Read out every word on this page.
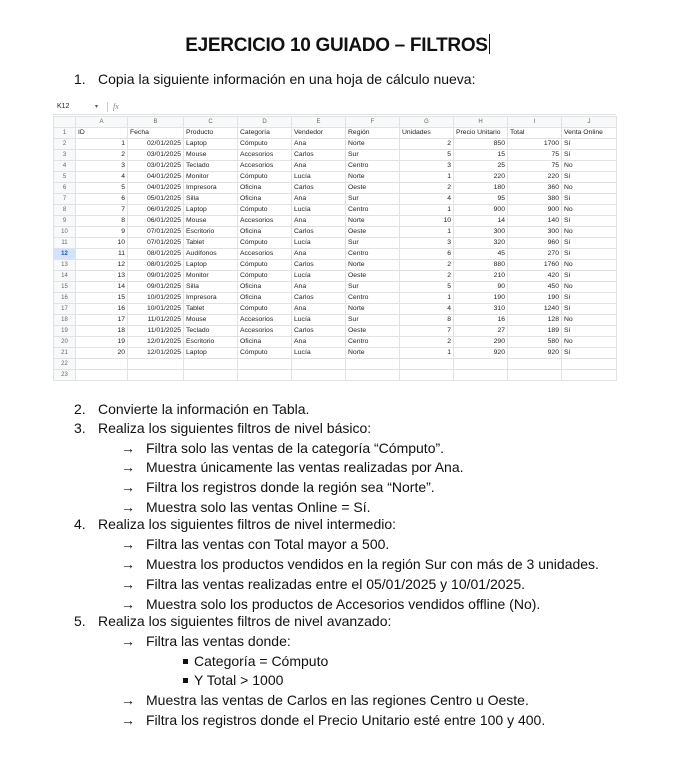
EJERCICIO 10 GUIADO – FILTROS
1. Copia la siguiente información en una hoja de cálculo nueva:
K12	▾ fx
	A	B	C	D	E	F	G	H	I	J
1	ID	Fecha	Producto	Categoría	Vendedor	Región	Unidades	Precio Unitario	Total	Venta Online
2	1	02/01/2025	Laptop	Cómputo	Ana	Norte	2	850	1700	Sí
3	2	03/01/2025	Mouse	Accesorios	Carlos	Sur	5	15	75	Sí
4	3	03/01/2025	Teclado	Accesorios	Ana	Centro	3	25	75	No
5	4	04/01/2025	Monitor	Cómputo	Lucía	Norte	1	220	220	Sí
6	5	04/01/2025	Impresora	Oficina	Carlos	Oeste	2	180	360	No
7	6	05/01/2025	Silla	Oficina	Ana	Sur	4	95	380	Sí
8	7	06/01/2025	Laptop	Cómputo	Lucía	Centro	1	900	900	No
9	8	06/01/2025	Mouse	Accesorios	Ana	Norte	10	14	140	Sí
10	9	07/01/2025	Escritorio	Oficina	Carlos	Oeste	1	300	300	No
11	10	07/01/2025	Tablet	Cómputo	Lucía	Sur	3	320	960	Sí
12	11	08/01/2025	Audífonos	Accesorios	Ana	Centro	6	45	270	Sí
13	12	08/01/2025	Laptop	Cómputo	Carlos	Norte	2	880	1760	No
14	13	09/01/2025	Monitor	Cómputo	Lucía	Oeste	2	210	420	Sí
15	14	09/01/2025	Silla	Oficina	Ana	Sur	5	90	450	No
16	15	10/01/2025	Impresora	Oficina	Carlos	Centro	1	190	190	Sí
17	16	10/01/2025	Tablet	Cómputo	Ana	Norte	4	310	1240	Sí
18	17	11/01/2025	Mouse	Accesorios	Lucía	Sur	8	16	128	No
19	18	11/01/2025	Teclado	Accesorios	Carlos	Oeste	7	27	189	Sí
20	19	12/01/2025	Escritorio	Oficina	Ana	Centro	2	290	580	No
21	20	12/01/2025	Laptop	Cómputo	Lucía	Norte	1	920	920	Sí
22										
23										
2. Convierte la información en Tabla.
3. Realiza los siguientes filtros de nivel básico:
→ Filtra solo las ventas de la categoría “Cómputo”.
→ Muestra únicamente las ventas realizadas por Ana.
→ Filtra los registros donde la región sea “Norte”.
→ Muestra solo las ventas Online = Sí.
4. Realiza los siguientes filtros de nivel intermedio:
→ Filtra las ventas con Total mayor a 500.
→ Muestra los productos vendidos en la región Sur con más de 3 unidades.
→ Filtra las ventas realizadas entre el 05/01/2025 y 10/01/2025.
→ Muestra solo los productos de Accesorios vendidos offline (No).
5. Realiza los siguientes filtros de nivel avanzado:
→ Filtra las ventas donde:
Categoría = Cómputo
Y Total > 1000
→ Muestra las ventas de Carlos en las regiones Centro u Oeste.
→ Filtra los registros donde el Precio Unitario esté entre 100 y 400.
